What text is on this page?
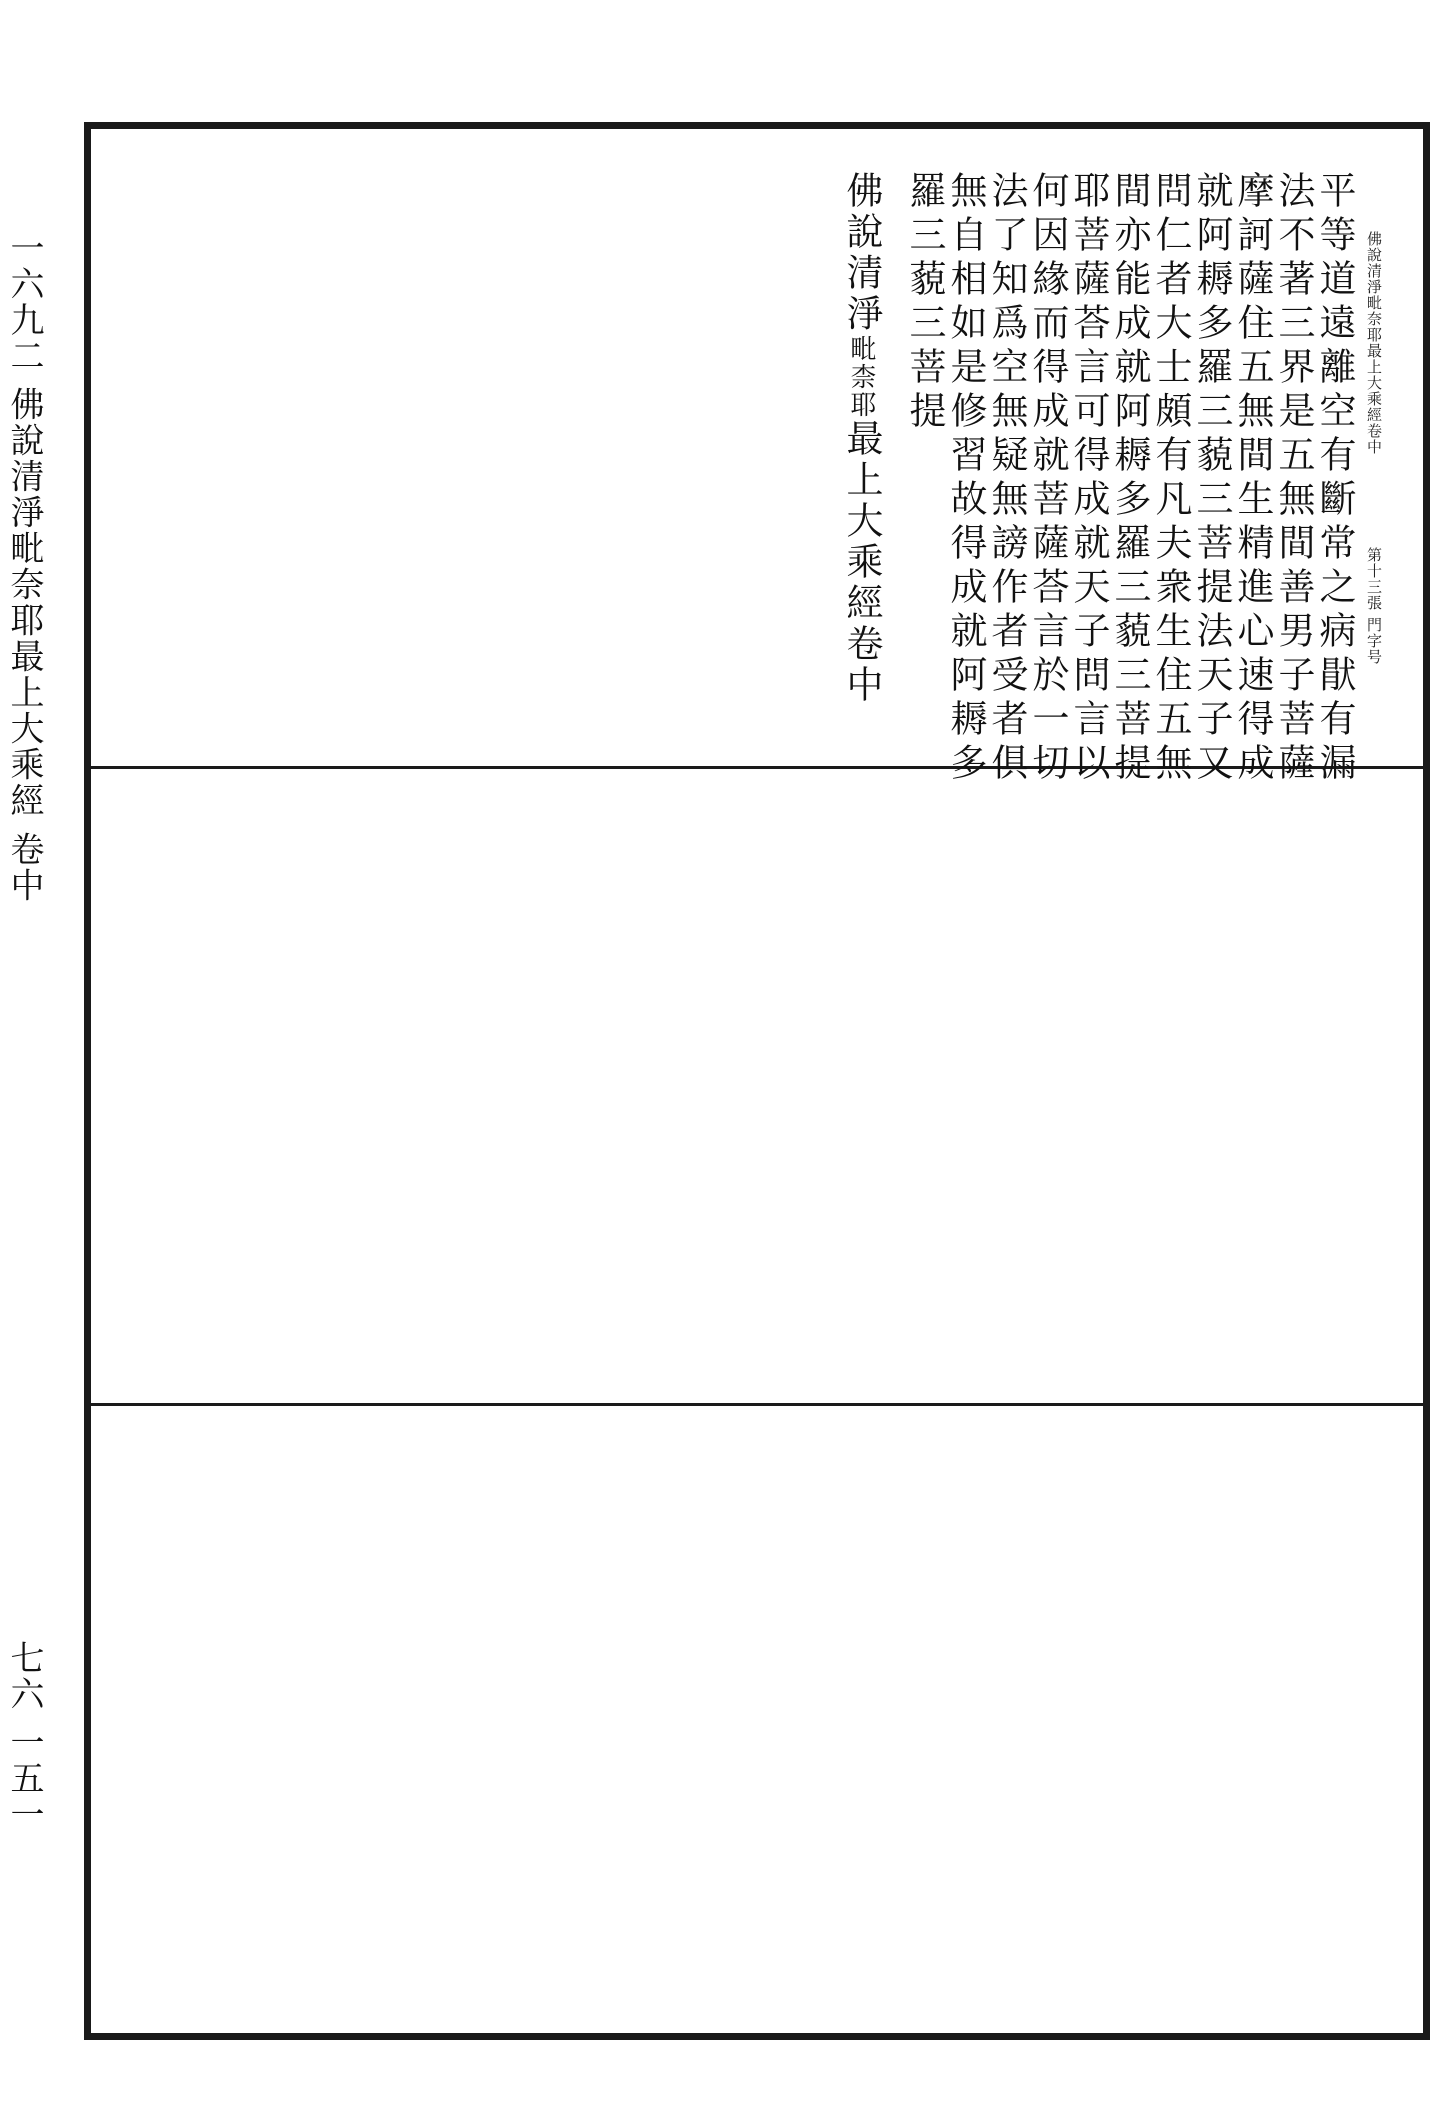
一六九二 佛說清淨毗奈耶最上大乘經 卷中
七六 一五一
佛說清淨毗奈耶最上大乘經卷中第十三張 門字号
平等道遠離空有斷常之病猒有漏
法不著三界是五無間善男子菩薩
摩訶薩住五無間生精進心速得成
就阿耨多羅三藐三菩提法天子又
問仁者大士頗有凡夫衆生住五無
間亦能成就阿耨多羅三藐三菩提
耶菩薩荅言可得成就天子問言以
何因緣而得成就菩薩荅言於一切
法了知爲空無疑無謗作者受者俱
無自相如是修習故得成就阿耨多
羅三藐三菩提
佛說清淨毗柰耶最上大乘經卷中
